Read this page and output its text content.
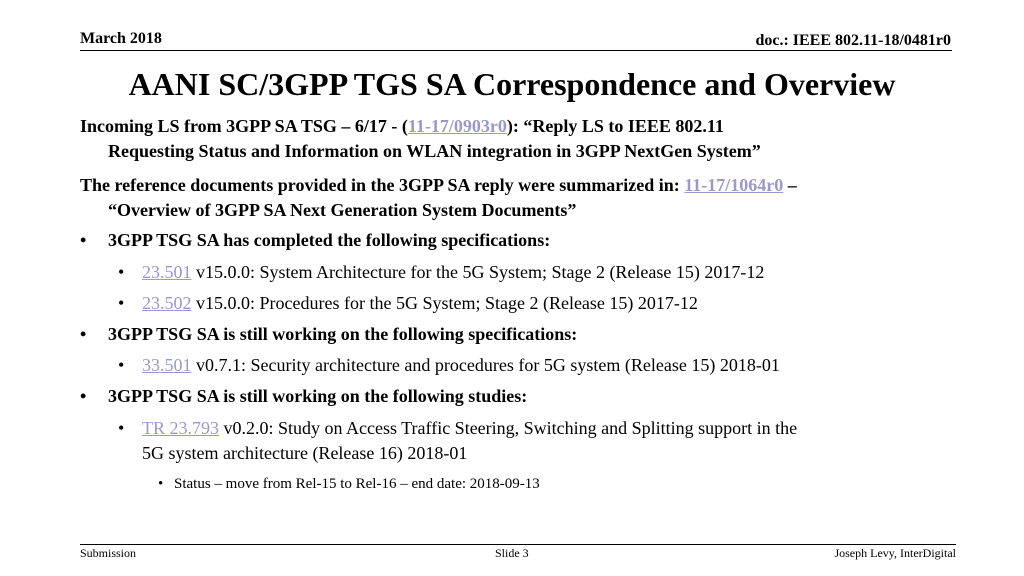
March 2018	doc.: IEEE 802.11-18/0481r0
AANI SC/3GPP TGS SA Correspondence and Overview
Incoming LS from 3GPP SA TSG – 6/17 - (11-17/0903r0): “Reply LS to IEEE 802.11
Requesting Status and Information on WLAN integration in 3GPP NextGen System”
The reference documents provided in the 3GPP SA reply were summarized in: 11-17/1064r0 –
“Overview of 3GPP SA Next Generation System Documents”
• 3GPP TSG SA has completed the following specifications:
• 23.501 v15.0.0: System Architecture for the 5G System; Stage 2 (Release 15) 2017-12
• 23.502 v15.0.0: Procedures for the 5G System; Stage 2 (Release 15) 2017-12
• 3GPP TSG SA is still working on the following specifications:
• 33.501 v0.7.1: Security architecture and procedures for 5G system (Release 15) 2018-01
• 3GPP TSG SA is still working on the following studies:
• TR 23.793 v0.2.0: Study on Access Traffic Steering, Switching and Splitting support in the
5G system architecture (Release 16) 2018-01
• Status – move from Rel-15 to Rel-16 – end date: 2018-09-13
Submission	Slide 3	Joseph Levy, InterDigital
